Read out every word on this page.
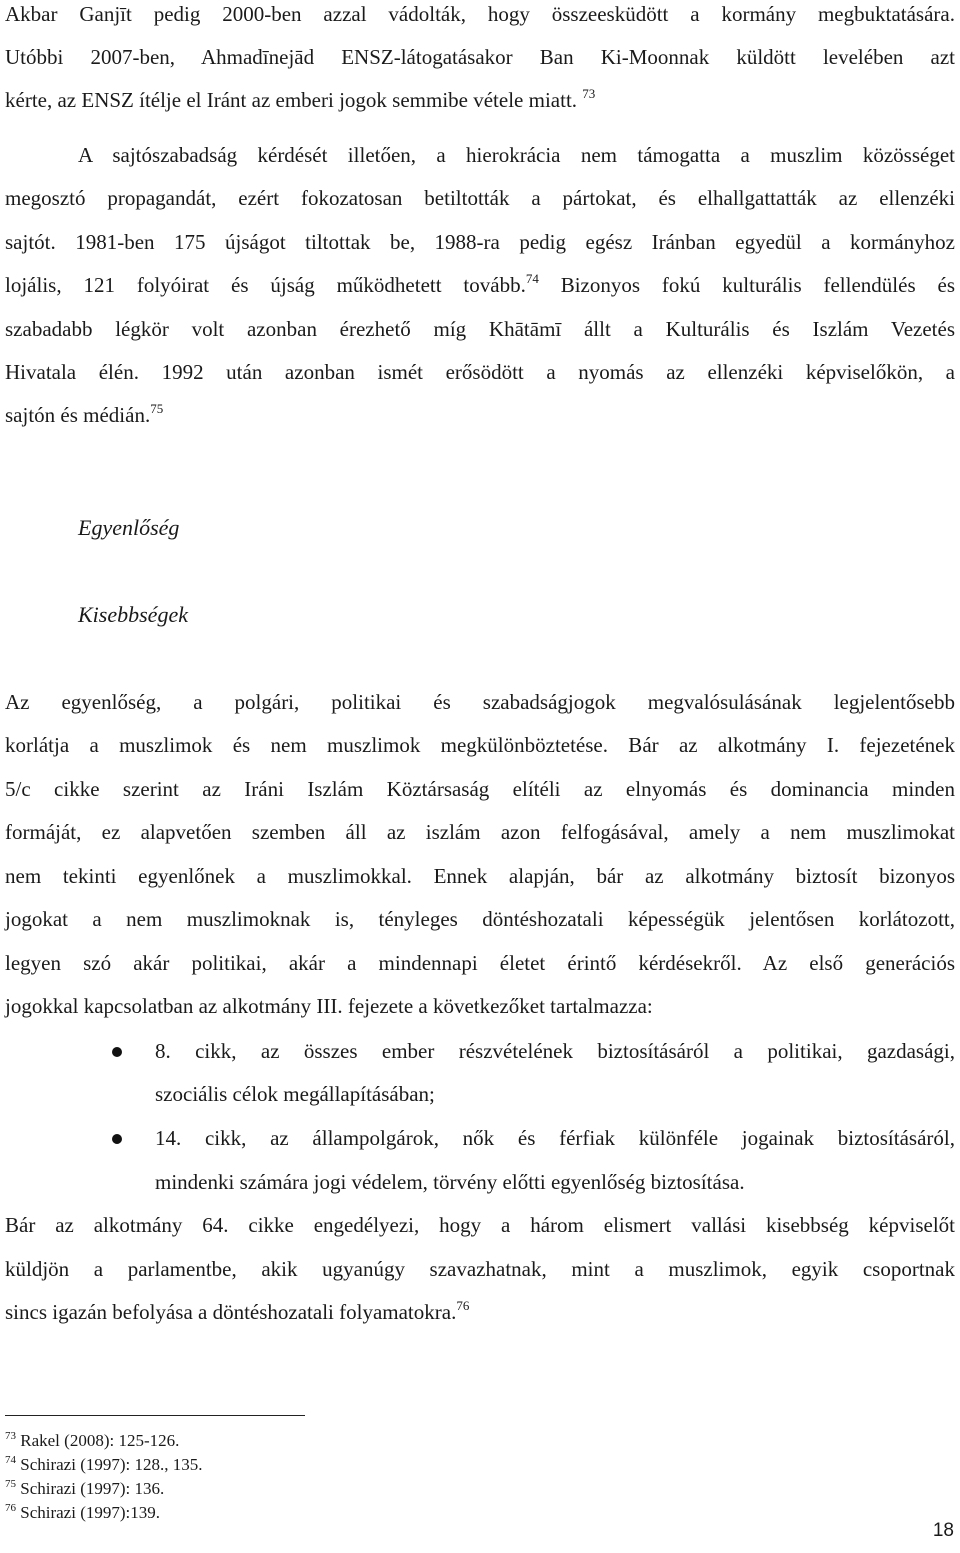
Akbar Ganjīt pedig 2000-ben azzal vádolták, hogy összeesküdött a kormány megbuktatására.
Utóbbi 2007-ben, Ahmadīnejād ENSZ-látogatásakor Ban Ki-Moonnak küldött levelében azt
kérte, az ENSZ ítélje el Iránt az emberi jogok semmibe vétele miatt. $^{73}$
A sajtószabadság kérdését illetően, a hierokrácia nem támogatta a muszlim közösséget
megosztó propagandát, ezért fokozatosan betiltották a pártokat, és elhallgattatták az ellenzéki
sajtót. 1981-ben 175 újságot tiltottak be, 1988-ra pedig egész Iránban egyedül a kormányhoz
lojális, 121 folyóirat és újság működhetett tovább.$^{74}$ Bizonyos fokú kulturális fellendülés és
szabadabb légkör volt azonban érezhető míg Khātāmī állt a Kulturális és Iszlám Vezetés
Hivatala élén. 1992 után azonban ismét erősödött a nyomás az ellenzéki képviselőkön, a
sajtón és médián.$^{75}$
Egyenlőség
Kisebbségek
Az egyenlőség, a polgári, politikai és szabadságjogok megvalósulásának legjelentősebb
korlátja a muszlimok és nem muszlimok megkülönböztetése. Bár az alkotmány I. fejezetének
5/c cikke szerint az Iráni Iszlám Köztársaság elítéli az elnyomás és dominancia minden
formáját, ez alapvetően szemben áll az iszlám azon felfogásával, amely a nem muszlimokat
nem tekinti egyenlőnek a muszlimokkal. Ennek alapján, bár az alkotmány biztosít bizonyos
jogokat a nem muszlimoknak is, tényleges döntéshozatali képességük jelentősen korlátozott,
legyen szó akár politikai, akár a mindennapi életet érintő kérdésekről. Az első generációs
jogokkal kapcsolatban az alkotmány III. fejezete a következőket tartalmazza:
8. cikk, az összes ember részvételének biztosításáról a politikai, gazdasági,
szociális célok megállapításában;
14. cikk, az állampolgárok, nők és férfiak különféle jogainak biztosításáról,
mindenki számára jogi védelem, törvény előtti egyenlőség biztosítása.
Bár az alkotmány 64. cikke engedélyezi, hogy a három elismert vallási kisebbség képviselőt
küldjön a parlamentbe, akik ugyanúgy szavazhatnak, mint a muszlimok, egyik csoportnak
sincs igazán befolyása a döntéshozatali folyamatokra.$^{76}$
$^{73}$ Rakel (2008): 125-126.
$^{74}$ Schirazi (1997): 128., 135.
$^{75}$ Schirazi (1997): 136.
$^{76}$ Schirazi (1997):139.
18
